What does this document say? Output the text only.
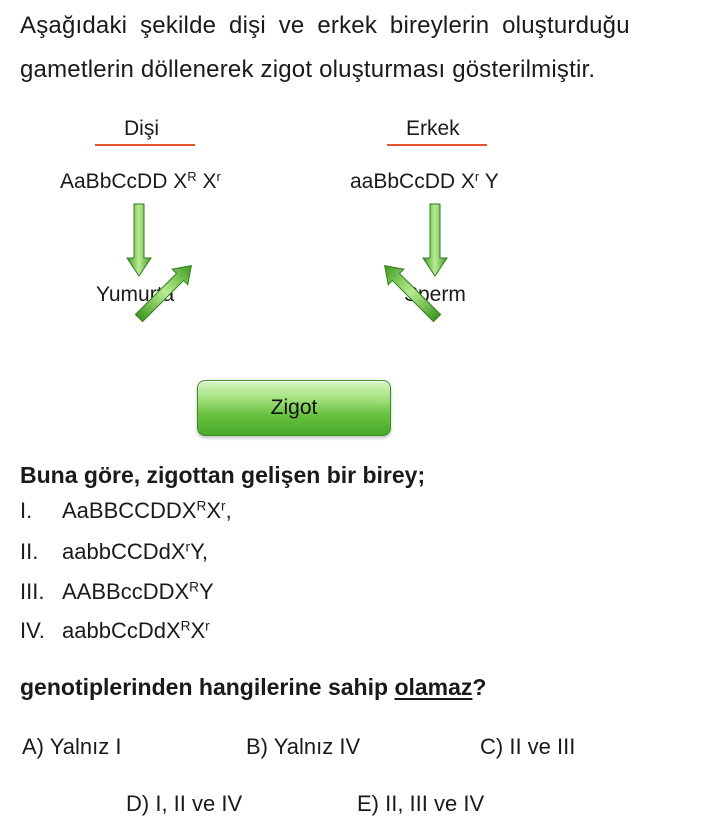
Aşağıdaki şekilde dişi ve erkek bireylerin oluşturduğu
gametlerin döllenerek zigot oluşturması gösterilmiştir.
Dişi
AaBbCcDD $X^R$ $X^r$
Yumurta
Erkek
aaBbCcDD $X^r$ Y
Sperm
Zigot
Buna göre, zigottan gelişen bir birey;
I. $AaBBCCDDX^RX^r$,
II. aabbCCDdX$^r$Y,
III. AABBccDDX$^R$Y
IV. $aabbCcDdX^RX^r$
genotiplerinden hangilerine sahip olamaz?
A) Yalnız I	B) Yalnız IV	C) II ve III
D) I, II ve IV	E) II, III ve IV
